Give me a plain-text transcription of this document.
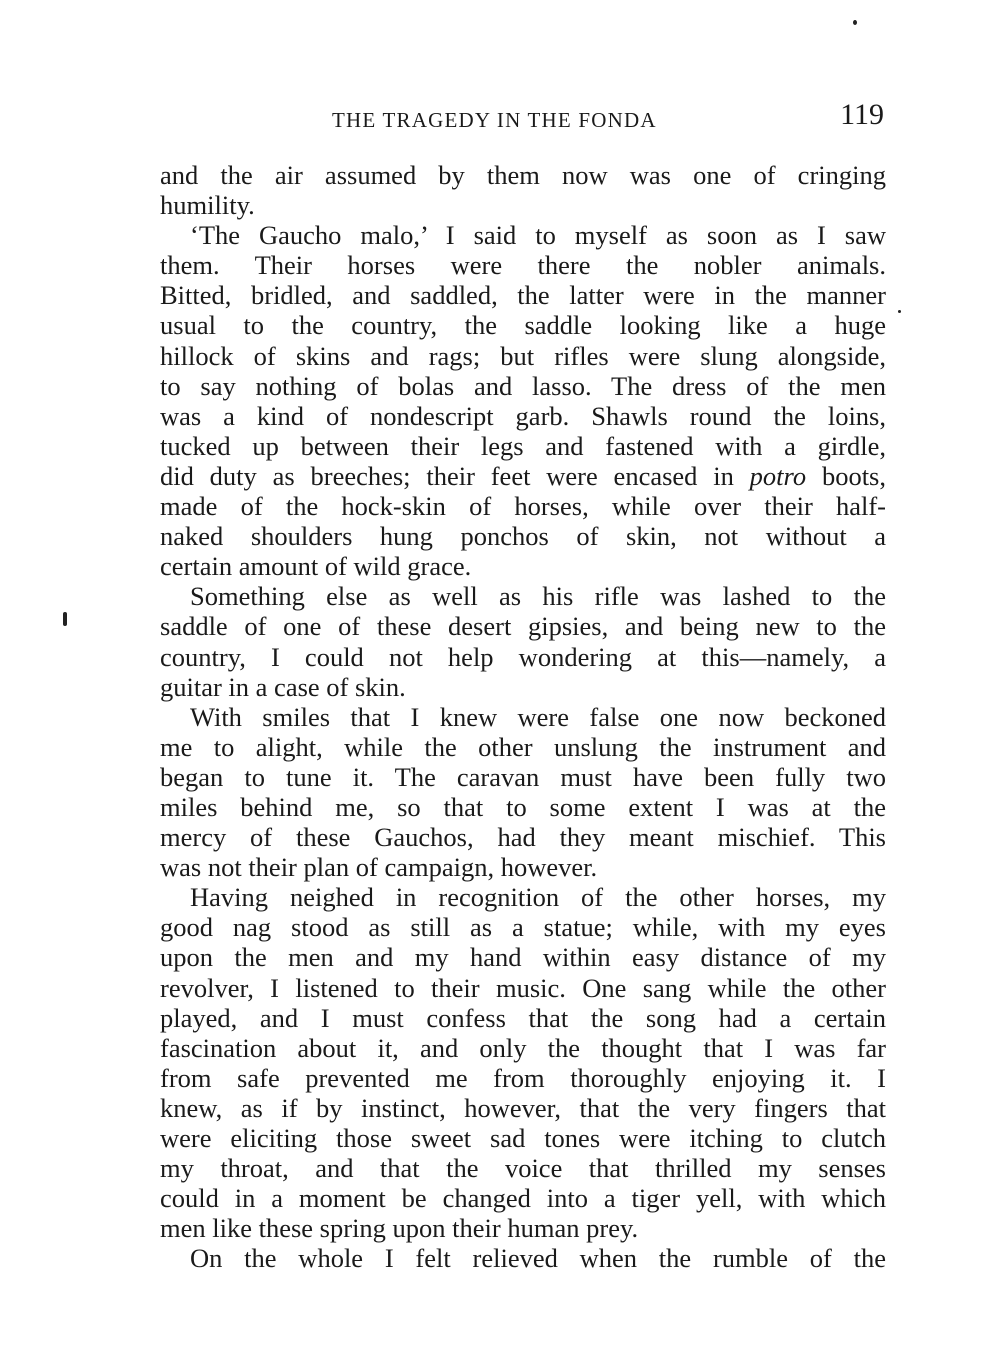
THE TRAGEDY IN THE FONDA	119
and the air assumed by them now was one of cringing
humility.
‘The Gaucho malo,’ I said to myself as soon as I saw
them. Their horses were there the nobler animals.
Bitted, bridled, and saddled, the latter were in the manner
usual to the country, the saddle looking like a huge
hillock of skins and rags; but rifles were slung alongside,
to say nothing of bolas and lasso. The dress of the men
was a kind of nondescript garb. Shawls round the loins,
tucked up between their legs and fastened with a girdle,
did duty as breeches; their feet were encased in potro boots,
made of the hock-skin of horses, while over their half-
naked shoulders hung ponchos of skin, not without a
certain amount of wild grace.
Something else as well as his rifle was lashed to the
saddle of one of these desert gipsies, and being new to the
country, I could not help wondering at this—namely, a
guitar in a case of skin.
With smiles that I knew were false one now beckoned
me to alight, while the other unslung the instrument and
began to tune it. The caravan must have been fully two
miles behind me, so that to some extent I was at the
mercy of these Gauchos, had they meant mischief. This
was not their plan of campaign, however.
Having neighed in recognition of the other horses, my
good nag stood as still as a statue; while, with my eyes
upon the men and my hand within easy distance of my
revolver, I listened to their music. One sang while the other
played, and I must confess that the song had a certain
fascination about it, and only the thought that I was far
from safe prevented me from thoroughly enjoying it. I
knew, as if by instinct, however, that the very fingers that
were eliciting those sweet sad tones were itching to clutch
my throat, and that the voice that thrilled my senses
could in a moment be changed into a tiger yell, with which
men like these spring upon their human prey.
On the whole I felt relieved when the rumble of the
